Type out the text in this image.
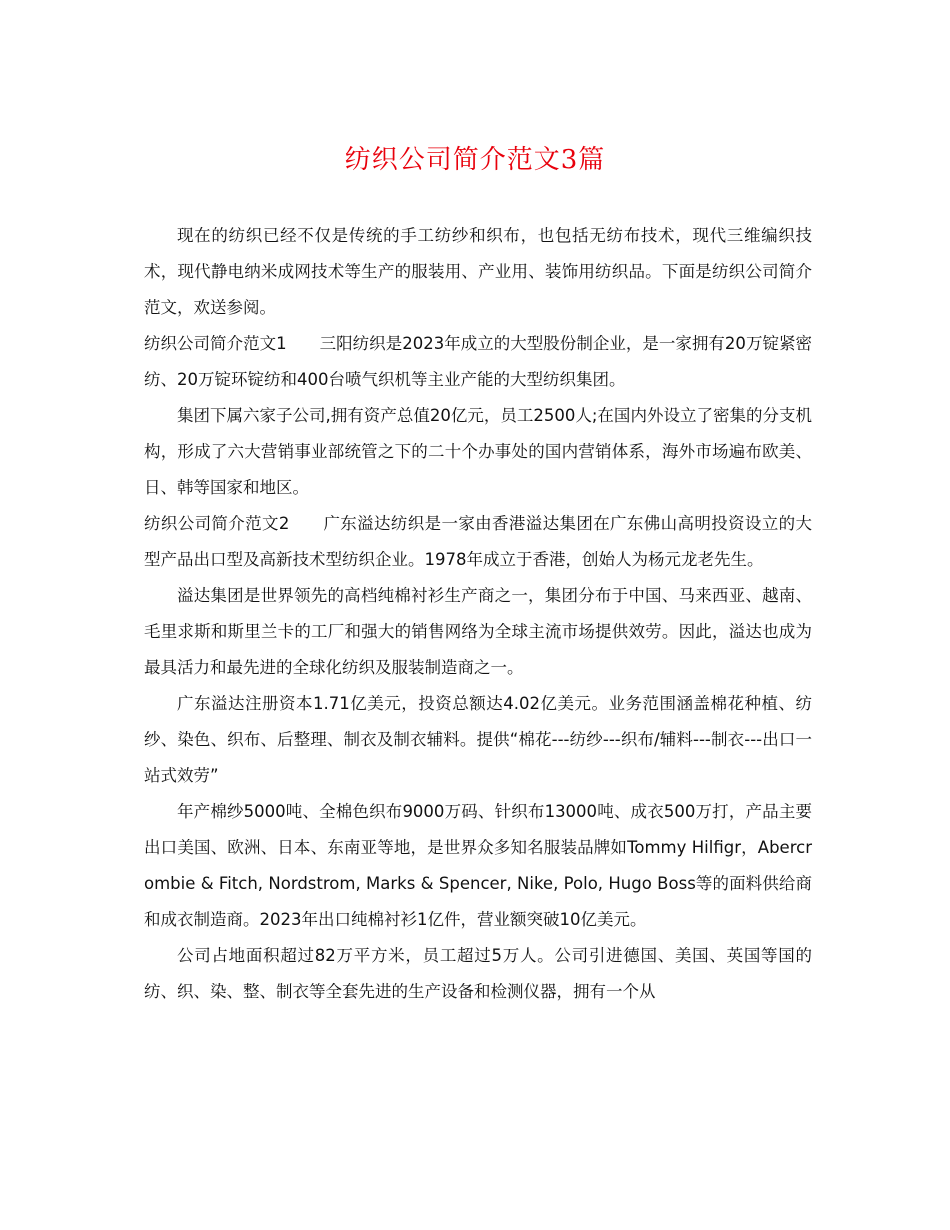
纺织公司简介范文3篇

现在的纺织已经不仅是传统的手工纺纱和织布，也包括无纺布技术，现代三维编织技术，现代静电纳米成网技术等生产的服装用、产业用、装饰用纺织品。下面是纺织公司简介范文，欢送参阅。

纺织公司简介范文1　　三阳纺织是2023年成立的大型股份制企业，是一家拥有20万锭紧密纺、20万锭环锭纺和400台喷气织机等主业产能的大型纺织集团。

集团下属六家子公司,拥有资产总值20亿元，员工2500人;在国内外设立了密集的分支机构，形成了六大营销事业部统管之下的二十个办事处的国内营销体系，海外市场遍布欧美、日、韩等国家和地区。

纺织公司简介范文2　　广东溢达纺织是一家由香港溢达集团在广东佛山高明投资设立的大型产品出口型及高新技术型纺织企业。1978年成立于香港，创始人为杨元龙老先生。

溢达集团是世界领先的高档纯棉衬衫生产商之一，集团分布于中国、马来西亚、越南、毛里求斯和斯里兰卡的工厂和强大的销售网络为全球主流市场提供效劳。因此，溢达也成为最具活力和最先进的全球化纺织及服装制造商之一。

广东溢达注册资本1.71亿美元，投资总额达4.02亿美元。业务范围涵盖棉花种植、纺纱、染色、织布、后整理、制衣及制衣辅料。提供“棉花---纺纱---织布/辅料---制衣---出口一站式效劳”

年产棉纱5000吨、全棉色织布9000万码、针织布13000吨、成衣500万打，产品主要出口美国、欧洲、日本、东南亚等地，是世界众多知名服装品牌如Tommy Hilfigr，Abercrombie & Fitch, Nordstrom, Marks & Spencer, Nike, Polo, Hugo Boss等的面料供给商和成衣制造商。2023年出口纯棉衬衫1亿件，营业额突破10亿美元。

公司占地面积超过82万平方米，员工超过5万人。公司引进德国、美国、英国等国的纺、织、染、整、制衣等全套先进的生产设备和检测仪器，拥有一个从
